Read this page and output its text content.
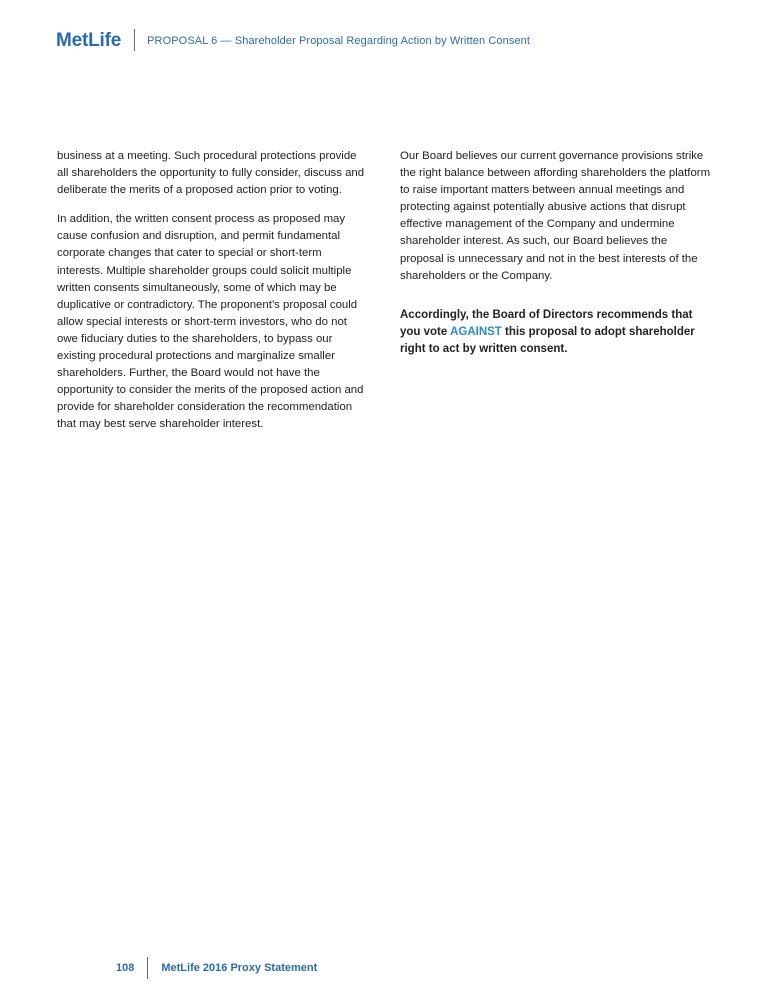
MetLife PROPOSAL 6 — Shareholder Proposal Regarding Action by Written Consent

business at a meeting. Such procedural protections provide all shareholders the opportunity to fully consider, discuss and deliberate the merits of a proposed action prior to voting.

In addition, the written consent process as proposed may cause confusion and disruption, and permit fundamental corporate changes that cater to special or short-term interests. Multiple shareholder groups could solicit multiple written consents simultaneously, some of which may be duplicative or contradictory. The proponent’s proposal could allow special interests or short-term investors, who do not owe fiduciary duties to the shareholders, to bypass our existing procedural protections and marginalize smaller shareholders. Further, the Board would not have the opportunity to consider the merits of the proposed action and provide for shareholder consideration the recommendation that may best serve shareholder interest.

Our Board believes our current governance provisions strike the right balance between affording shareholders the platform to raise important matters between annual meetings and protecting against potentially abusive actions that disrupt effective management of the Company and undermine shareholder interest. As such, our Board believes the proposal is unnecessary and not in the best interests of the shareholders or the Company.

Accordingly, the Board of Directors recommends that you vote AGAINST this proposal to adopt shareholder right to act by written consent.

108 MetLife 2016 Proxy Statement
